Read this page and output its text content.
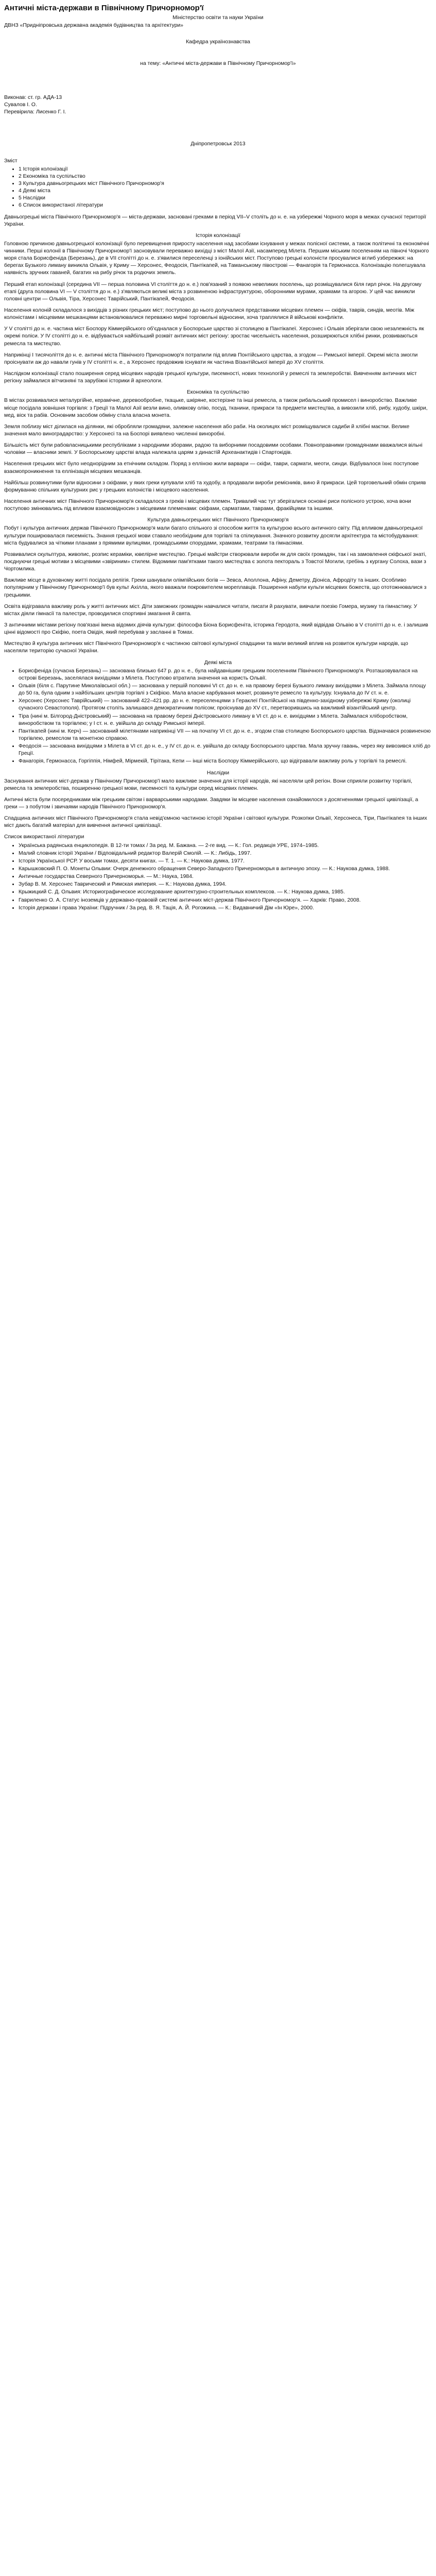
Античні міста-держави в Північному Причорномор'ї

Міністерство освіти та науки України

ДВНЗ «Придніпровська державна академія будівництва та архітектури»

Кафедра українознавства

на тему: «Античні міста-держави в Північному Причорномор'ї»

Виконав: ст. гр. АДА-13

Сувалов І. О.

Перевірила: Лисенко Г. І.

Дніпропетровськ 2013

Зміст

• 1 Історія колонізації
• 2 Економіка та суспільство
• 3 Культура давньогрецьких міст Північного Причорномор'я
• 4 Деякі міста
• 5 Наслідки
• 6 Список використаної літератури

Давньогрецькі міста Північного Причорномор'я — міста-держави, засновані греками в період VII–V століть до н. е. на узбережжі Чорного моря в межах сучасної території України.

Історія колонізації

Головною причиною давньогрецької колонізації було перевищення приросту населення над засобами існування у межах полісної системи, а також політичні та економічні чинники. Перші колонії в Північному Причорномор'ї засновували переважно вихідці з міст Малої Азії, насамперед Мілета. Першим міським поселенням на півночі Чорного моря стала Борисфеніда (Березань), де в VII столітті до н. е. з'явилися переселенці з іонійських міст. Поступово грецькі колоністи просувалися вглиб узбережжя: на берегах Бузького лиману виникла Ольвія, у Криму — Херсонес, Феодосія, Пантікапей, на Таманському півострові — Фанагорія та Гермонасса. Колонізацію полегшувала наявність зручних гаваней, багатих на рибу річок та родючих земель.

Перший етап колонізації (середина VII — перша половина VI століття до н. е.) пов'язаний з появою невеликих поселень, що розміщувалися біля гирл річок. На другому етапі (друга половина VI — V століття до н. е.) з'являються великі міста з розвиненою інфраструктурою, оборонними мурами, храмами та агорою. У цей час виникли головні центри — Ольвія, Тіра, Херсонес Таврійський, Пантікапей, Феодосія.

Населення колоній складалося з вихідців з різних грецьких міст; поступово до нього долучалися представники місцевих племен — скіфів, таврів, синдів, меотів. Між колоністами і місцевими мешканцями встановлювалися переважно мирні торговельні відносини, хоча траплялися й військові конфлікти.

У V столітті до н. е. частина міст Боспору Кіммерійського об'єдналася у Боспорське царство зі столицею в Пантікапеї. Херсонес і Ольвія зберігали свою незалежність як окремі поліси. У IV столітті до н. е. відбувається найбільший розквіт античних міст регіону: зростає чисельність населення, розширюються хлібні ринки, розвиваються ремесла та мистецтво.

Наприкінці I тисячоліття до н. е. античні міста Північного Причорномор'я потрапили під вплив Понтійського царства, а згодом — Римської імперії. Окремі міста змогли проіснувати аж до навали гунів у IV столітті н. е., а Херсонес продовжив існувати як частина Візантійської імперії до XV століття.

Наслідком колонізації стало поширення серед місцевих народів грецької культури, писемності, нових технологій у ремеслі та землеробстві. Вивченням античних міст регіону займалися вітчизняні та зарубіжні історики й археологи.

Економіка та суспільство

В містах розвивалися металургійне, керамічне, деревообробне, ткацьке, шкіряне, костерізне та інші ремесла, а також рибальський промисел і виноробство. Важливе місце посідала зовнішня торгівля: з Греції та Малої Азії везли вино, оливкову олію, посуд, тканини, прикраси та предмети мистецтва, а вивозили хліб, рибу, худобу, шкіри, мед, віск та рабів. Основним засобом обміну стала власна монета.

Земля поблизу міст ділилася на ділянки, які обробляли громадяни, залежне населення або раби. На околицях міст розміщувалися садиби й хлібні маєтки. Велике значення мало виноградарство: у Херсонесі та на Боспорі виявлено численні виноробні.

Більшість міст були рабовласницькими республіками з народними зборами, радою та виборними посадовими особами. Повноправними громадянами вважалися вільні чоловіки — власники землі. У Боспорському царстві влада належала царям з династій Археанактидів і Спартокідів.

Населення грецьких міст було неоднорідним за етнічним складом. Поряд з елліною жили варвари — скіфи, таври, сармати, меоти, синди. Відбувалося їхнє поступове взаємопроникнення та еллінізація місцевих мешканців.

Найбільш розвинутими були відносини з скіфами, у яких греки купували хліб та худобу, а продавали вироби ремісників, вино й прикраси. Цей торговельний обмін сприяв формуванню спільних культурних рис у грецьких колоністів і місцевого населення.

Населення античних міст Північного Причорномор'я складалося з греків і місцевих племен. Тривалий час тут зберігалися основні риси полісного устрою, хоча вони поступово змінювались під впливом взаємовідносин з місцевими племенами: скіфами, сарматами, таврами, фракійцями та іншими.

Культура давньогрецьких міст Північного Причорномор'я

Побут і культура античних держав Північного Причорномор'я мали багато спільного зі способом життя та культурою всього античного світу. Під впливом давньогрецької культури поширювалася писемність. Знання грецької мови ставало необхідним для торгівлі та спілкування. Значного розвитку досягли архітектура та містобудування: міста будувалися за чіткими планами з прямими вулицями, громадськими спорудами, храмами, театрами та гімнасіями.

Розвивалися скульптура, живопис, розпис кераміки, ювелірне мистецтво. Грецькі майстри створювали вироби як для своїх громадян, так і на замовлення скіфської знаті, поєднуючи грецькі мотиви з місцевими «звіриним» стилем. Відомими пам'ятками такого мистецтва є золота пектораль з Товстої Могили, гребінь з кургану Солоха, вази з Чортомлика.

Важливе місце в духовному житті посідала релігія. Греки шанували олімпійських богів — Зевса, Аполлона, Афіну, Деметру, Діоніса, Афродіту та інших. Особливо популярним у Північному Причорномор'ї був культ Ахілла, якого вважали покровителем мореплавців. Поширення набули культи місцевих божеств, що ототожнювалися з грецькими.

Освіта відігравала важливу роль у житті античних міст. Діти заможних громадян навчалися читати, писати й рахувати, вивчали поезію Гомера, музику та гімнастику. У містах діяли гімнасії та палестри, проводилися спортивні змагання й свята.

З античними містами регіону пов'язані імена відомих діячів культури: філософа Біона Борисфеніта, історика Геродота, який відвідав Ольвію в V столітті до н. е. і залишив цінні відомості про Скіфію, поета Овідія, який перебував у засланні в Томах.

Мистецтво й культура античних міст Північного Причорномор'я є частиною світової культурної спадщини та мали великий вплив на розвиток культури народів, що населяли територію сучасної України.

Деякі міста

• Борисфеніда (сучасна Березань) — заснована близько 647 р. до н. е., була найдавнішим грецьким поселенням Північного Причорномор'я. Розташовувалася на острові Березань, заселялася вихідцями з Мілета. Поступово втратила значення на користь Ольвії.
• Ольвія (біля с. Парутине Миколаївської обл.) — заснована у першій половині VI ст. до н. е. на правому березі Бузького лиману вихідцями з Мілета. Займала площу до 50 га, була одним з найбільших центрів торгівлі з Скіфією. Мала власне карбування монет, розвинуте ремесло та культуру. Існувала до IV ст. н. е.
• Херсонес (Херсонес Таврійський) — заснований 422–421 рр. до н. е. переселенцями з Гераклеї Понтійської на південно-західному узбережжі Криму (околиці сучасного Севастополя). Протягом століть залишався демократичним полісом; проіснував до XV ст., перетворившись на важливий візантійський центр.
• Тіра (нині м. Білгород-Дністровський) — заснована на правому березі Дністровського лиману в VI ст. до н. е. вихідцями з Мілета. Займалася хліборобством, виноробством та торгівлею; у I ст. н. е. увійшла до складу Римської імперії.
• Пантікапей (нині м. Керч) — заснований мілетянами наприкінці VII — на початку VI ст. до н. е., згодом став столицею Боспорського царства. Відзначався розвиненою торгівлею, ремеслом та монетною справою.
• Феодосія — заснована вихідцями з Мілета в VI ст. до н. е., у IV ст. до н. е. увійшла до складу Боспорського царства. Мала зручну гавань, через яку вивозився хліб до Греції.
• Фанагорія, Гермонасса, Горгіппія, Німфей, Мірмекій, Тірітака, Кепи — інші міста Боспору Кіммерійського, що відігравали важливу роль у торгівлі та ремеслі.

Наслідки

Заснування античних міст-держав у Північному Причорномор'ї мало важливе значення для історії народів, які населяли цей регіон. Вони сприяли розвитку торгівлі, ремесла та землеробства, поширенню грецької мови, писемності та культури серед місцевих племен.

Античні міста були посередниками між грецьким світом і варварськими народами. Завдяки їм місцеве населення ознайомилося з досягненнями грецької цивілізації, а греки — з побутом і звичаями народів Північного Причорномор'я.

Спадщина античних міст Північного Причорномор'я стала невід'ємною частиною історії України і світової культури. Розкопки Ольвії, Херсонеса, Тіри, Пантікапея та інших міст дають багатий матеріал для вивчення античної цивілізації.

Список використаної літератури

• Українська радянська енциклопедія. В 12-ти томах / За ред. М. Бажана. — 2-ге вид. — К.: Гол. редакція УРЕ, 1974–1985.
• Малий словник історії України / Відповідальний редактор Валерій Смолій. — К.: Либідь, 1997.
• Історія Української РСР. У восьми томах, десяти книгах. — Т. 1. — К.: Наукова думка, 1977.
• Карышковский П. О. Монеты Ольвии: Очерк денежного обращения Северо-Западного Причерноморья в античную эпоху. — К.: Наукова думка, 1988.
• Античные государства Северного Причерноморья. — М.: Наука, 1984.
• Зубар В. М. Херсонес Таврический и Римская империя. — К.: Наукова думка, 1994.
• Крыжицкий С. Д. Ольвия: Историографическое исследование архитектурно-строительных комплексов. — К.: Наукова думка, 1985.
• Гавриленко О. А. Статус іноземців у державно-правовій системі античних міст-держав Північного Причорномор'я. — Харків: Право, 2008.
• Історія держави і права України: Підручник / За ред. В. Я. Тація, А. Й. Рогожина. — К.: Видавничий Дім «Ін Юре», 2000.
